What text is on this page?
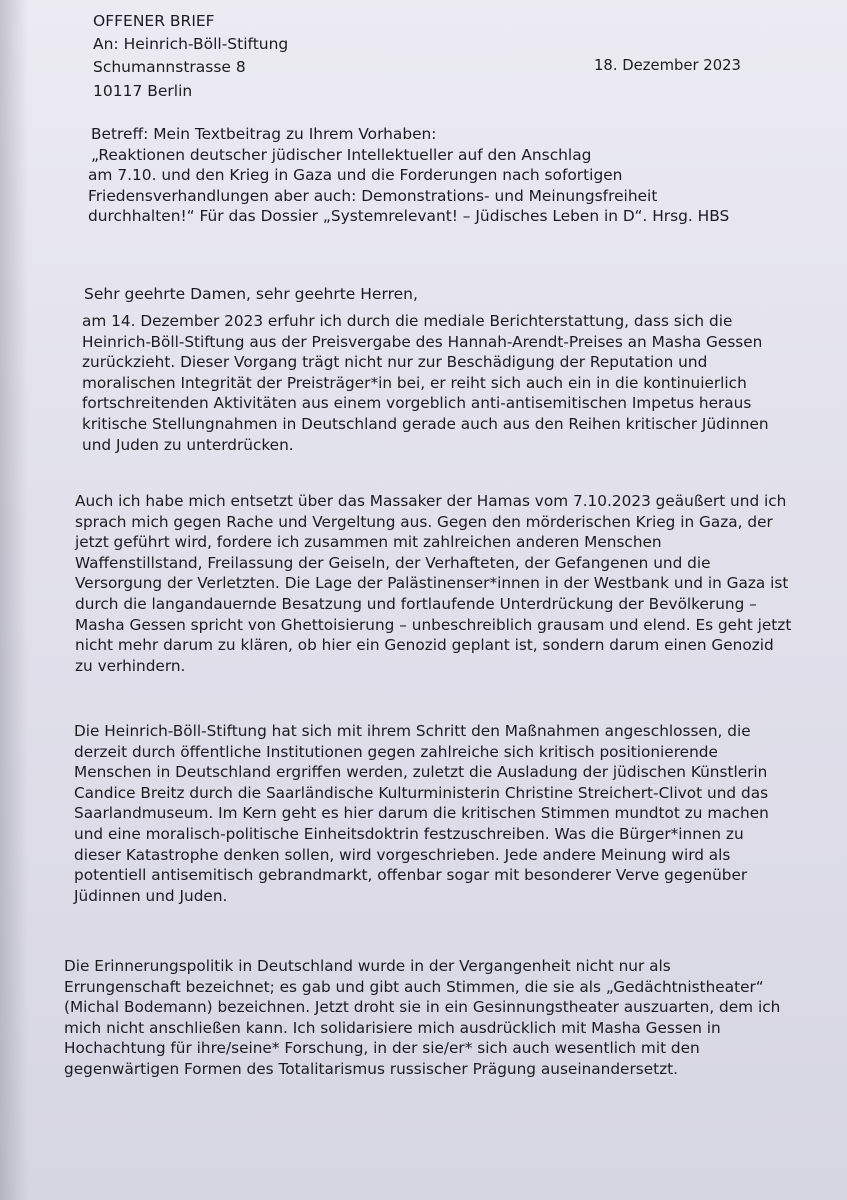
OFFENER BRIEF
An: Heinrich-Böll-Stiftung
Schumannstrasse 8
10117 Berlin
18. Dezember 2023
Betreff: Mein Textbeitrag zu Ihrem Vorhaben:
„Reaktionen deutscher jüdischer Intellektueller auf den Anschlag
am 7.10. und den Krieg in Gaza und die Forderungen nach sofortigen
Friedensverhandlungen aber auch: Demonstrations- und Meinungsfreiheit
durchhalten!“ Für das Dossier „Systemrelevant! – Jüdisches Leben in D“. Hrsg. HBS
Sehr geehrte Damen, sehr geehrte Herren,
am 14. Dezember 2023 erfuhr ich durch die mediale Berichterstattung, dass sich die
Heinrich-Böll-Stiftung aus der Preisvergabe des Hannah-Arendt-Preises an Masha Gessen
zurückzieht. Dieser Vorgang trägt nicht nur zur Beschädigung der Reputation und
moralischen Integrität der Preisträger*in bei, er reiht sich auch ein in die kontinuierlich
fortschreitenden Aktivitäten aus einem vorgeblich anti-antisemitischen Impetus heraus
kritische Stellungnahmen in Deutschland gerade auch aus den Reihen kritischer Jüdinnen
und Juden zu unterdrücken.
Auch ich habe mich entsetzt über das Massaker der Hamas vom 7.10.2023 geäußert und ich
sprach mich gegen Rache und Vergeltung aus. Gegen den mörderischen Krieg in Gaza, der
jetzt geführt wird, fordere ich zusammen mit zahlreichen anderen Menschen
Waffenstillstand, Freilassung der Geiseln, der Verhafteten, der Gefangenen und die
Versorgung der Verletzten. Die Lage der Palästinenser*innen in der Westbank und in Gaza ist
durch die langandauernde Besatzung und fortlaufende Unterdrückung der Bevölkerung –
Masha Gessen spricht von Ghettoisierung – unbeschreiblich grausam und elend. Es geht jetzt
nicht mehr darum zu klären, ob hier ein Genozid geplant ist, sondern darum einen Genozid
zu verhindern.
Die Heinrich-Böll-Stiftung hat sich mit ihrem Schritt den Maßnahmen angeschlossen, die
derzeit durch öffentliche Institutionen gegen zahlreiche sich kritisch positionierende
Menschen in Deutschland ergriffen werden, zuletzt die Ausladung der jüdischen Künstlerin
Candice Breitz durch die Saarländische Kulturministerin Christine Streichert-Clivot und das
Saarlandmuseum. Im Kern geht es hier darum die kritischen Stimmen mundtot zu machen
und eine moralisch-politische Einheitsdoktrin festzuschreiben. Was die Bürger*innen zu
dieser Katastrophe denken sollen, wird vorgeschrieben. Jede andere Meinung wird als
potentiell antisemitisch gebrandmarkt, offenbar sogar mit besonderer Verve gegenüber
Jüdinnen und Juden.
Die Erinnerungspolitik in Deutschland wurde in der Vergangenheit nicht nur als
Errungenschaft bezeichnet; es gab und gibt auch Stimmen, die sie als „Gedächtnistheater“
(Michal Bodemann) bezeichnen. Jetzt droht sie in ein Gesinnungstheater auszuarten, dem ich
mich nicht anschließen kann. Ich solidarisiere mich ausdrücklich mit Masha Gessen in
Hochachtung für ihre/seine* Forschung, in der sie/er* sich auch wesentlich mit den
gegenwärtigen Formen des Totalitarismus russischer Prägung auseinandersetzt.
